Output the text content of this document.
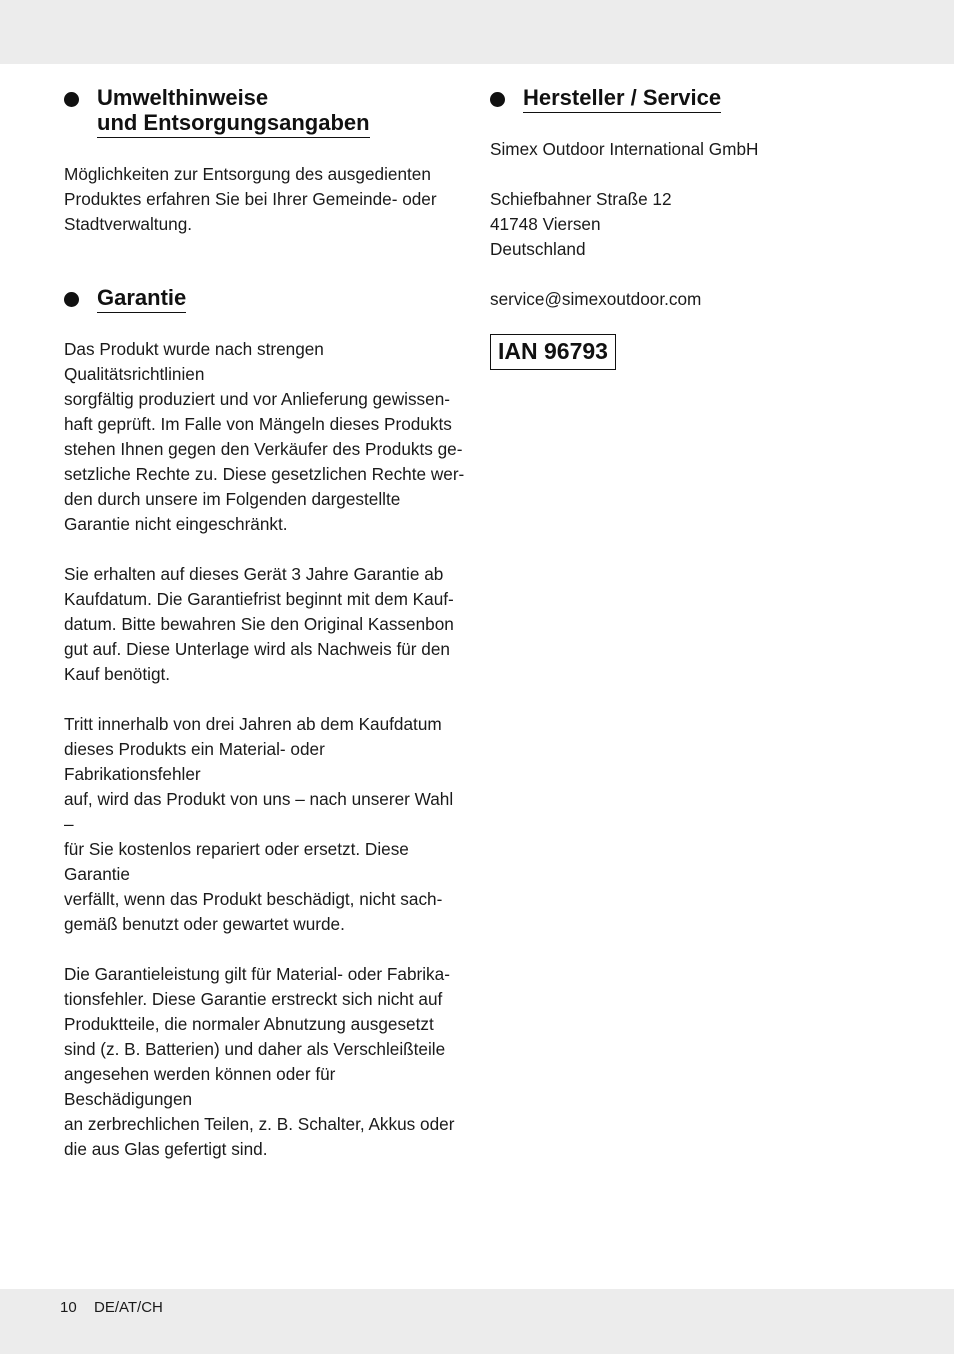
Umwelthinweise
und Entsorgungsangaben

Möglichkeiten zur Entsorgung des ausgedienten
Produktes erfahren Sie bei Ihrer Gemeinde- oder
Stadtverwaltung.

Garantie

Das Produkt wurde nach strengen Qualitätsrichtlinien
sorgfältig produziert und vor Anlieferung gewissen-
haft geprüft. Im Falle von Mängeln dieses Produkts
stehen Ihnen gegen den Verkäufer des Produkts ge-
setzliche Rechte zu. Diese gesetzlichen Rechte wer-
den durch unsere im Folgenden dargestellte
Garantie nicht eingeschränkt.

Sie erhalten auf dieses Gerät 3 Jahre Garantie ab
Kaufdatum. Die Garantiefrist beginnt mit dem Kauf-
datum. Bitte bewahren Sie den Original Kassenbon
gut auf. Diese Unterlage wird als Nachweis für den
Kauf benötigt.

Tritt innerhalb von drei Jahren ab dem Kaufdatum
dieses Produkts ein Material- oder Fabrikationsfehler
auf, wird das Produkt von uns – nach unserer Wahl –
für Sie kostenlos repariert oder ersetzt. Diese Garantie
verfällt, wenn das Produkt beschädigt, nicht sach-
gemäß benutzt oder gewartet wurde.

Die Garantieleistung gilt für Material- oder Fabrika-
tionsfehler. Diese Garantie erstreckt sich nicht auf
Produktteile, die normaler Abnutzung ausgesetzt
sind (z. B. Batterien) und daher als Verschleißteile
angesehen werden können oder für Beschädigungen
an zerbrechlichen Teilen, z. B. Schalter, Akkus oder
die aus Glas gefertigt sind.

Hersteller / Service

Simex Outdoor International GmbH

Schiefbahner Straße 12

41748 Viersen

Deutschland

service@simexoutdoor.com

IAN 96793
10 DE/AT/CH
